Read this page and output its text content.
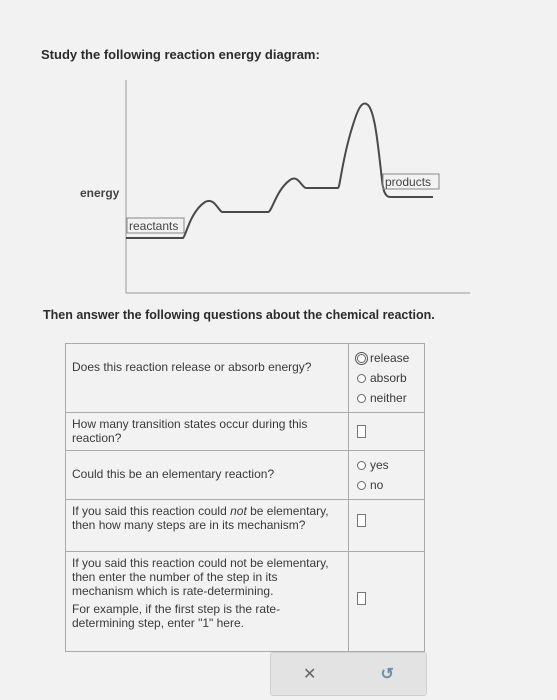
Study the following reaction energy diagram:
reactants
products
energy
Then answer the following questions about the chemical reaction.
Does this reaction release or absorb energy?	release
absorb
neither

How many transition states occur during this reaction?	

Could this be an elementary reaction?	yes
no

If you said this reaction could not be elementary, then how many steps are in its mechanism?	

If you said this reaction could not be elementary, then enter the number of the step in its mechanism which is rate-determining.
For example, if the first step is the rate-determining step, enter "1" here.	

✕	↺
